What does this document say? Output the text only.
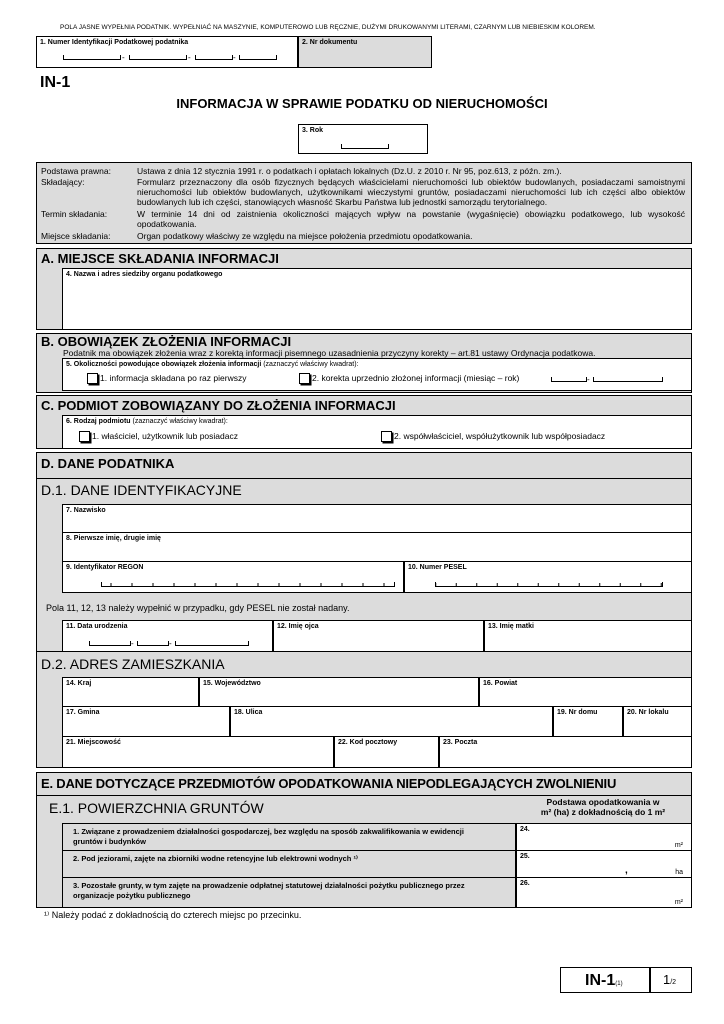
POLA JASNE WYPEŁNIA PODATNIK. WYPEŁNIAĆ NA MASZYNIE, KOMPUTEROWO LUB RĘCZNIE, DUŻYMI DRUKOWANYMI LITERAMI, CZARNYM LUB NIEBIESKIM KOLOREM.
1. Numer Identyfikacji Podatkowej podatnika
-	-	-
2. Nr dokumentu
IN-1
INFORMACJA W SPRAWIE PODATKU OD NIERUCHOMOŚCI
3. Rok
Podstawa prawna:	Ustawa z dnia 12 stycznia 1991 r. o podatkach i opłatach lokalnych (Dz.U. z 2010 r. Nr 95, poz.613, z późn. zm.).
Składający:	Formularz przeznaczony dla osób fizycznych będących właścicielami nieruchomości lub obiektów budowlanych, posiadaczami samoistnymi nieruchomości lub obiektów budowlanych, użytkownikami wieczystymi gruntów, posiadaczami nieruchomości lub ich części albo obiektów budowlanych lub ich części, stanowiących własność Skarbu Państwa lub jednostki samorządu terytorialnego.
Termin składania:	W terminie 14 dni od zaistnienia okoliczności mających wpływ na powstanie (wygaśnięcie) obowiązku podatkowego, lub wysokość opodatkowania.
Miejsce składania:	Organ podatkowy właściwy ze względu na miejsce położenia przedmiotu opodatkowania.
A. MIEJSCE SKŁADANIA INFORMACJI
4. Nazwa i adres siedziby organu podatkowego
B. OBOWIĄZEK ZŁOŻENIA INFORMACJI
Podatnik ma obowiązek złożenia wraz z korektą informacji pisemnego uzasadnienia przyczyny korekty – art.81 ustawy Ordynacja podatkowa.
5. Okoliczności powodujące obowiązek złożenia informacji (zaznaczyć właściwy kwadrat):
1. informacja składana po raz pierwszy	2. korekta uprzednio złożonej informacji (miesiąc – rok)	-
C. PODMIOT ZOBOWIĄZANY DO ZŁOŻENIA INFORMACJI
6. Rodzaj podmiotu (zaznaczyć właściwy kwadrat):
1. właściciel, użytkownik lub posiadacz	2. współwłaściciel, współużytkownik lub współposiadacz
D. DANE PODATNIKA
D.1. DANE IDENTYFIKACYJNE
7. Nazwisko
8. Pierwsze imię, drugie imię
9. Identyfikator REGON	10. Numer PESEL
Pola 11, 12, 13 należy wypełnić w przypadku, gdy PESEL nie został nadany.
11. Data urodzenia
-	-
12. Imię ojca	13. Imię matki
D.2. ADRES ZAMIESZKANIA
14. Kraj	15. Województwo	16. Powiat
17. Gmina	18. Ulica	19. Nr domu	20. Nr lokalu
21. Miejscowość	22. Kod pocztowy	23. Poczta
E. DANE DOTYCZĄCE PRZEDMIOTÓW OPODATKOWANIA NIEPODLEGAJĄCYCH ZWOLNIENIU
E.1. POWIERZCHNIA GRUNTÓW	Podstawa opodatkowania w
m² (ha) z dokładnością do 1 m²
1. Związane z prowadzeniem działalności gospodarczej, bez względu na sposób zakwalifikowania w ewidencji gruntów i budynków
24.
m²
2. Pod jeziorami, zajęte na zbiorniki wodne retencyjne lub elektrowni wodnych ¹⁾	25.
,	ha
3. Pozostałe grunty, w tym zajęte na prowadzenie odpłatnej statutowej działalności pożytku publicznego przez organizacje pożytku publicznego
26.
m²
¹⁾ Należy podać z dokładnością do czterech miejsc po przecinku.
IN-1(1)	1/2
